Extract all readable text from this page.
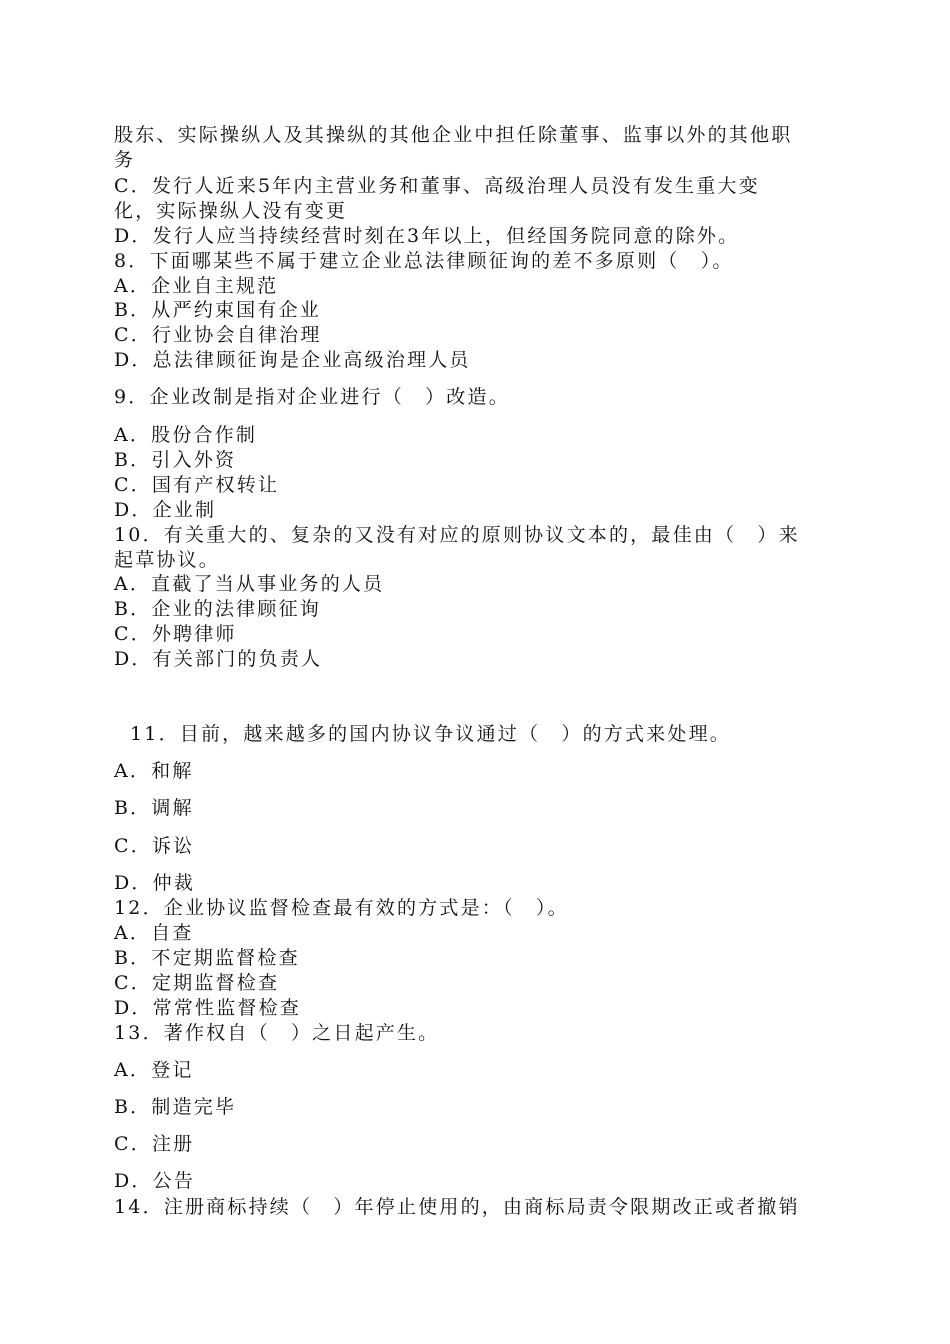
股东、实际操纵人及其操纵的其他企业中担任除董事、监事以外的其他职
务
C．发行人近来5年内主营业务和董事、高级治理人员没有发生重大变
化，实际操纵人没有变更
D．发行人应当持续经营时刻在3年以上，但经国务院同意的除外。
8．下面哪某些不属于建立企业总法律顾征询的差不多原则（　）。
A．企业自主规范
B．从严约束国有企业
C．行业协会自律治理
D．总法律顾征询是企业高级治理人员
9．企业改制是指对企业进行（　）改造。
A．股份合作制
B．引入外资
C．国有产权转让
D．企业制
10．有关重大的、复杂的又没有对应的原则协议文本的，最佳由（　）来
起草协议。
A．直截了当从事业务的人员
B．企业的法律顾征询
C．外聘律师
D．有关部门的负责人
11．目前，越来越多的国内协议争议通过（　）的方式来处理。
A．和解
B．调解
C．诉讼
D．仲裁
12．企业协议监督检查最有效的方式是：（　）。
A．自查
B．不定期监督检查
C．定期监督检查
D．常常性监督检查
13．著作权自（　）之日起产生。
A．登记
B．制造完毕
C．注册
D．公告
14．注册商标持续（　）年停止使用的，由商标局责令限期改正或者撤销
